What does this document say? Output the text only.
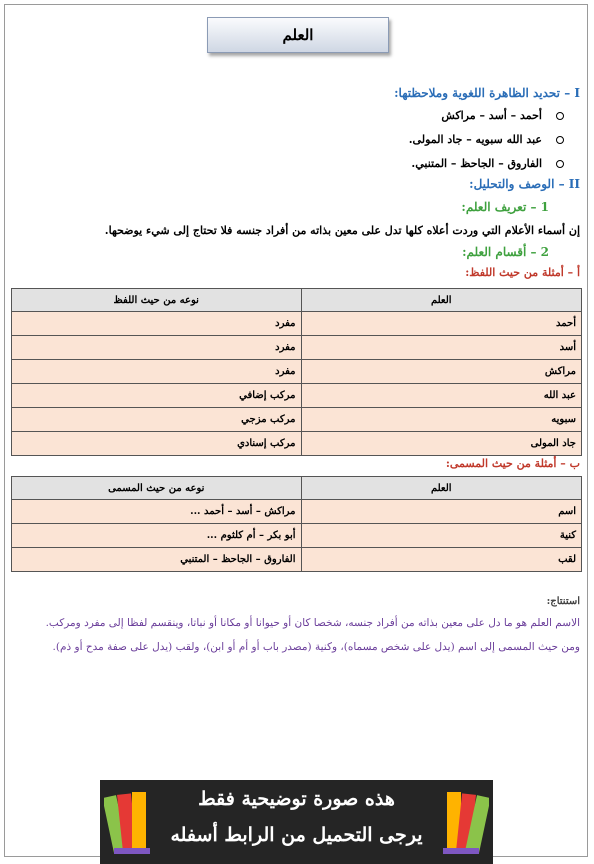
العلم
I – تحديد الظاهرة اللغوية وملاحظتها:
أحمد – أسد – مراكش
عبد الله سبويه – جاد المولى.
الفاروق – الجاحظ – المتنبي.
II – الوصف والتحليل:
1 – تعريف العلم:
إن أسماء الأعلام التي وردت أعلاه كلها تدل على معين بذاته من أفراد جنسه فلا تحتاج إلى شيء يوضحها.
2 – أقسام العلم:
أ – أمثلة من حيث اللفظ:
العلم	نوعه من حيث اللفظ
أحمد	مفرد
أسد	مفرد
مراكش	مفرد
عبد الله	مركب إضافي
سبويه	مركب مزجي
جاد المولى	مركب إسنادي
ب – أمثلة من حيث المسمى:
العلم	نوعه من حيث المسمى
اسم	مراكش – أسد – أحمد ...
كنية	أبو بكر – أم كلثوم ...
لقب	الفاروق – الجاحظ – المتنبي
استنتاج:
الاسم العلم هو ما دل على معين بذاته من أفراد جنسه، شخصا كان أو حيوانا أو مكانا أو نباتا، وينقسم لفظا إلى مفرد ومركب.
ومن حيث المسمى إلى اسم (يدل على شخص مسماه)، وكنية (مصدر باب أو أم أو ابن)، ولقب (يدل على صفة مدح أو ذم).
هذه صورة توضيحية فقط
يرجى التحميل من الرابط أسفله
